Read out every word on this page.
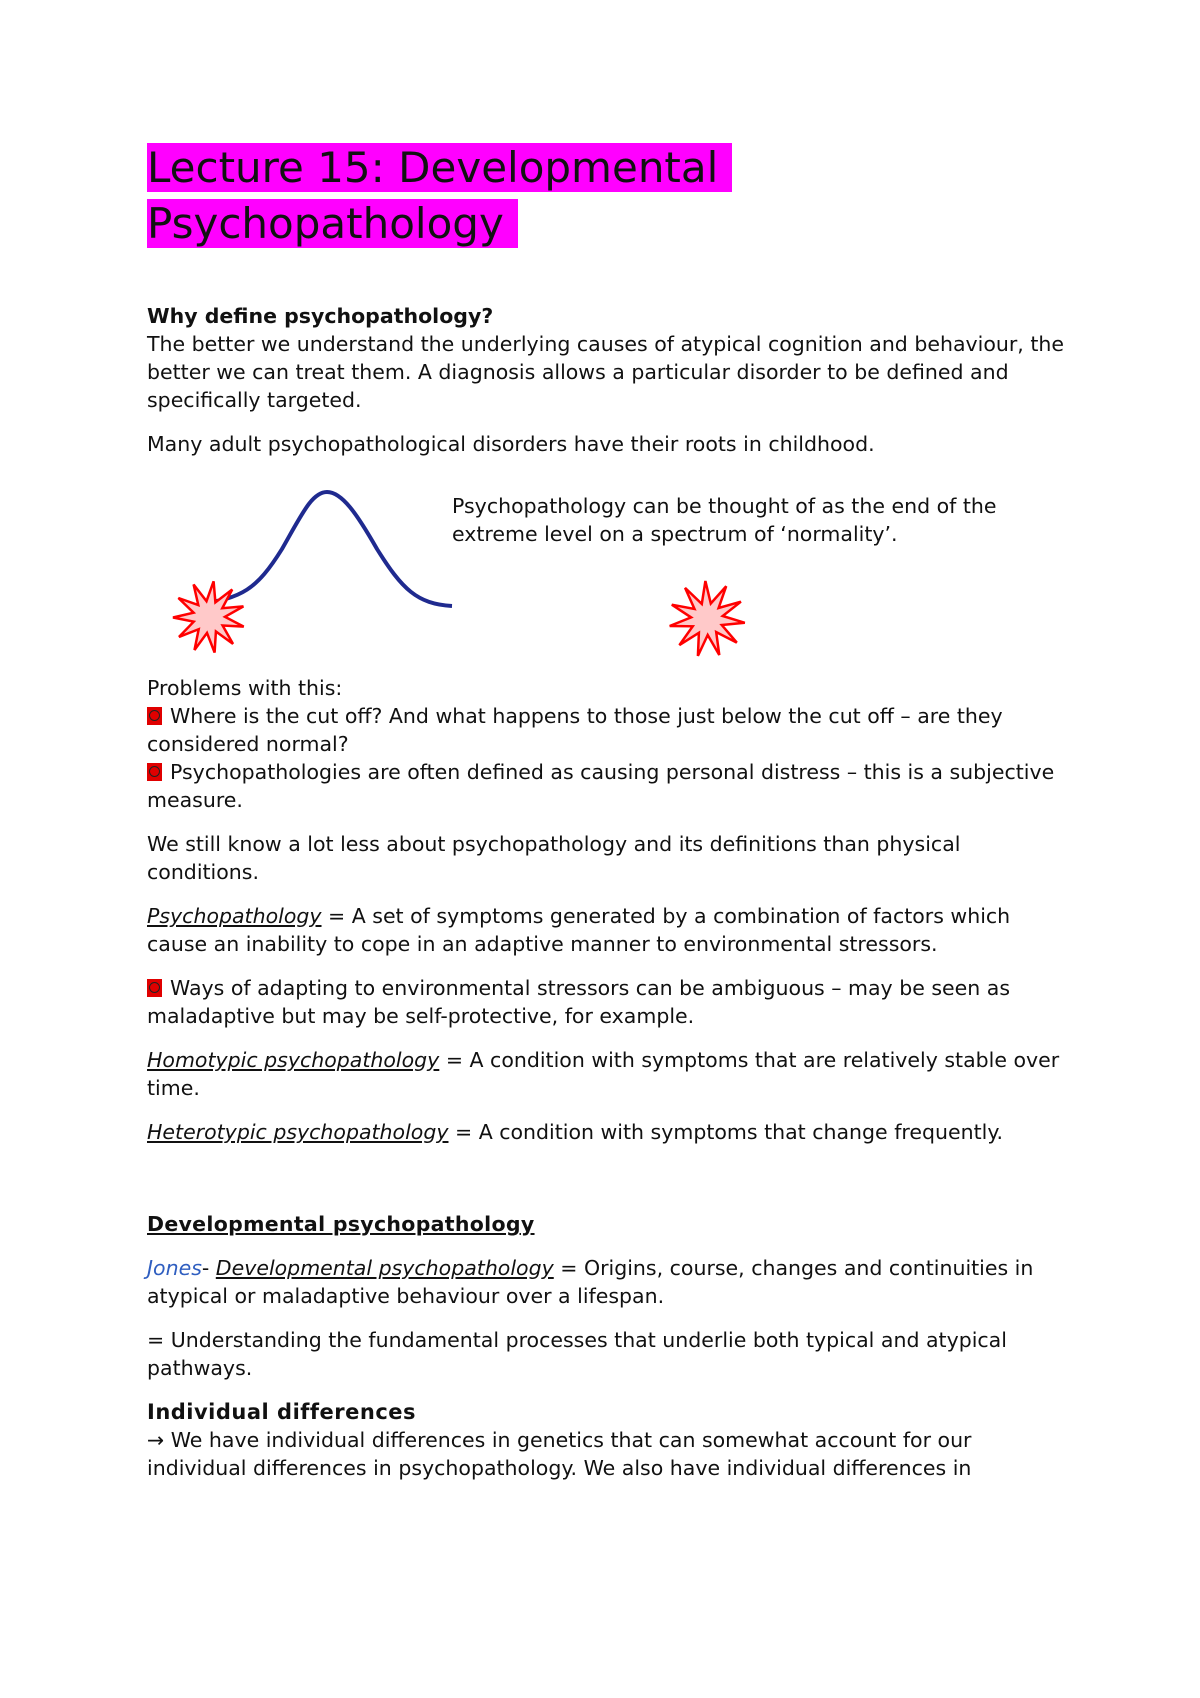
Lecture 15: Developmental
Psychopathology

Why define psychopathology?

The better we understand the underlying causes of atypical cognition and behaviour, the better we can treat them. A diagnosis allows a particular disorder to be defined and specifically targeted.

Many adult psychopathological disorders have their roots in childhood.

Psychopathology can be thought of as the end of the extreme level on a spectrum of ‘normality’.

Problems with this:

Where is the cut off? And what happens to those just below the cut off – are they considered normal?

Psychopathologies are often defined as causing personal distress – this is a subjective measure.

We still know a lot less about psychopathology and its definitions than physical conditions.

Psychopathology = A set of symptoms generated by a combination of factors which cause an inability to cope in an adaptive manner to environmental stressors.

Ways of adapting to environmental stressors can be ambiguous – may be seen as maladaptive but may be self-protective, for example.

Homotypic psychopathology = A condition with symptoms that are relatively stable over time.

Heterotypic psychopathology = A condition with symptoms that change frequently.

Developmental psychopathology

Jones- Developmental psychopathology = Origins, course, changes and continuities in atypical or maladaptive behaviour over a lifespan.

= Understanding the fundamental processes that underlie both typical and atypical pathways.

Individual differences

→ We have individual differences in genetics that can somewhat account for our individual differences in psychopathology. We also have individual differences in
